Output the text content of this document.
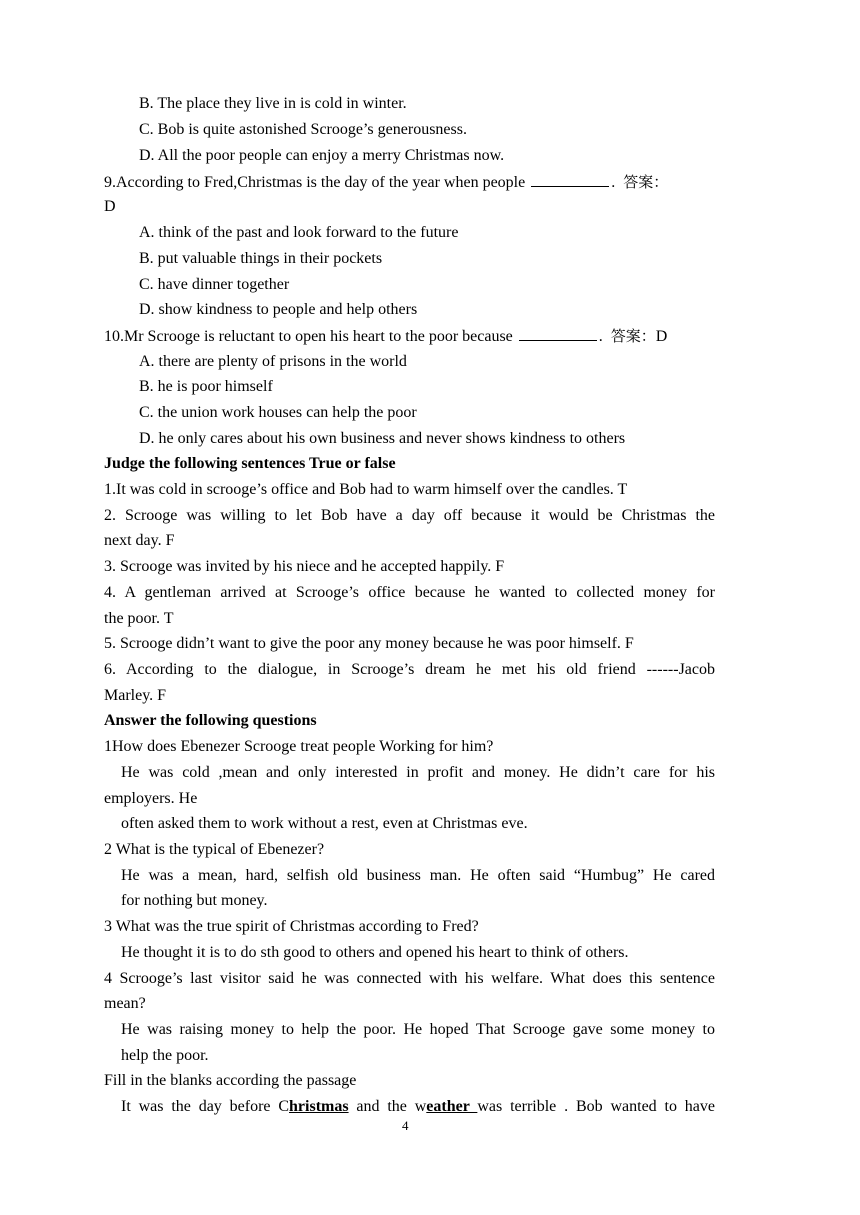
B. The place they live in is cold in winter.
C. Bob is quite astonished Scrooge’s generousness.
D. All the poor people can enjoy a merry Christmas now.
9.According to Fred,Christmas is the day of the year when people	. 答案：
D
A. think of the past and look forward to the future
B. put valuable things in their pockets
C. have dinner together
D. show kindness to people and help others
10.Mr Scrooge is reluctant to open his heart to the poor because	. 答案：D
A. there are plenty of prisons in the world
B. he is poor himself
C. the union work houses can help the poor
D. he only cares about his own business and never shows kindness to others
Judge the following sentences True or false
1.It was cold in scrooge’s office and Bob had to warm himself over the candles. T
2. Scrooge was willing to let Bob have a day off because it would be Christmas the
next day. F
3. Scrooge was invited by his niece and he accepted happily. F
4. A gentleman arrived at Scrooge’s office because he wanted to collected money for
the poor. T
5. Scrooge didn’t want to give the poor any money because he was poor himself. F
6. According to the dialogue, in Scrooge’s dream he met his old friend ------Jacob
Marley. F
Answer the following questions
1How does Ebenezer Scrooge treat people Working for him?
He was cold ,mean and only interested in profit and money. He didn’t care for his
employers. He
often asked them to work without a rest, even at Christmas eve.
2 What is the typical of Ebenezer?
He was a mean, hard, selfish old business man. He often said “Humbug” He cared
for nothing but money.
3 What was the true spirit of Christmas according to Fred?
He thought it is to do sth good to others and opened his heart to think of others.
4 Scrooge’s last visitor said he was connected with his welfare. What does this sentence
mean?
He was raising money to help the poor. He hoped That Scrooge gave some money to
help the poor.
Fill in the blanks according the passage
It was the day before Christmas and the weather was terrible . Bob wanted to have
4
